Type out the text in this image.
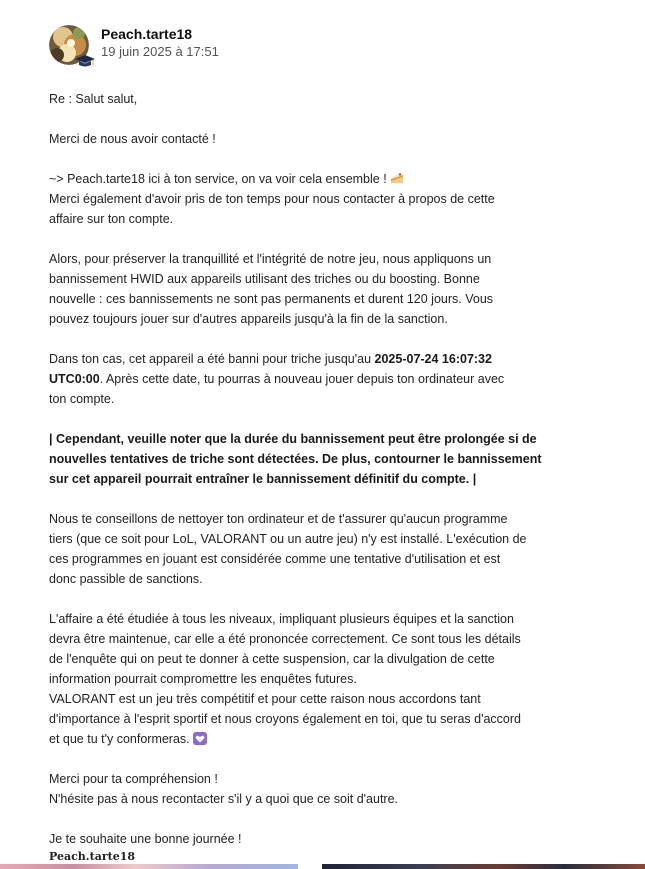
Peach.tarte18
19 juin 2025 à 17:51
Re : Salut salut,
Merci de nous avoir contacté !
~> Peach.tarte18 ici à ton service, on va voir cela ensemble !
Merci également d'avoir pris de ton temps pour nous contacter à propos de cette
affaire sur ton compte.
Alors, pour préserver la tranquillité et l'intégrité de notre jeu, nous appliquons un
bannissement HWID aux appareils utilisant des triches ou du boosting. Bonne
nouvelle : ces bannissements ne sont pas permanents et durent 120 jours. Vous
pouvez toujours jouer sur d'autres appareils jusqu'à la fin de la sanction.
Dans ton cas, cet appareil a été banni pour triche jusqu'au 2025-07-24 16:07:32
UTC0:00. Après cette date, tu pourras à nouveau jouer depuis ton ordinateur avec
ton compte.
| Cependant, veuille noter que la durée du bannissement peut être prolongée si de
nouvelles tentatives de triche sont détectées. De plus, contourner le bannissement
sur cet appareil pourrait entraîner le bannissement définitif du compte. |
Nous te conseillons de nettoyer ton ordinateur et de t'assurer qu'aucun programme
tiers (que ce soit pour LoL, VALORANT ou un autre jeu) n'y est installé. L'exécution de
ces programmes en jouant est considérée comme une tentative d'utilisation et est
donc passible de sanctions.
L'affaire a été étudiée à tous les niveaux, impliquant plusieurs équipes et la sanction
devra être maintenue, car elle a été prononcée correctement. Ce sont tous les détails
de l'enquête qui on peut te donner à cette suspension, car la divulgation de cette
information pourrait compromettre les enquêtes futures.
VALORANT est un jeu très compétitif et pour cette raison nous accordons tant
d'importance à l'esprit sportif et nous croyons également en toi, que tu seras d'accord
et que tu t'y conformeras.
Merci pour ta compréhension !
N'hésite pas à nous recontacter s'il y a quoi que ce soit d'autre.
Je te souhaite une bonne journée !
Peach.tarte18
